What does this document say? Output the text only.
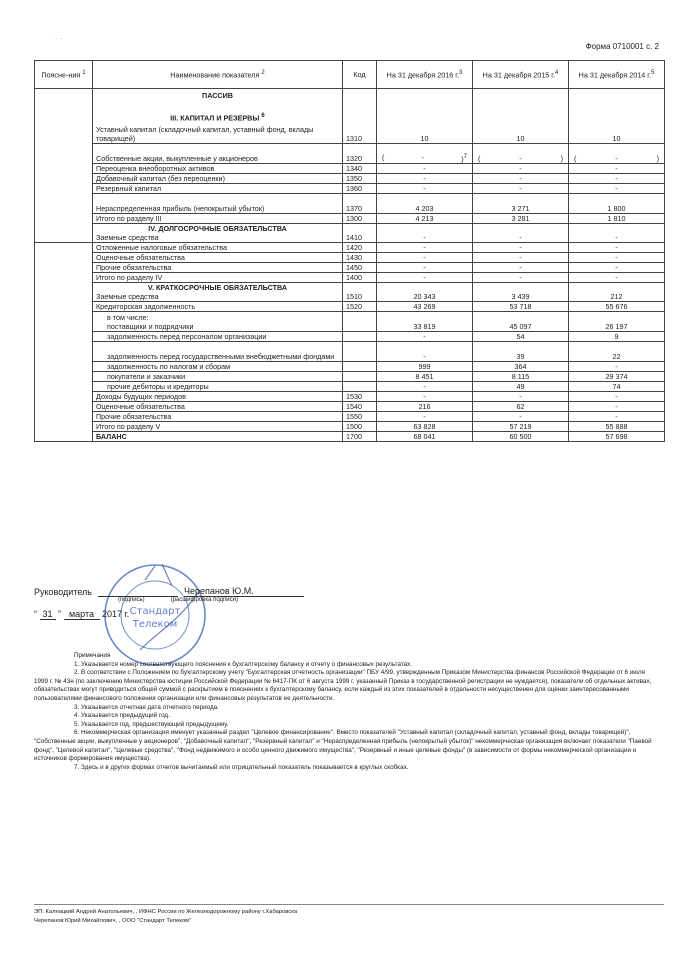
- -
Форма 0710001 с. 2
Поясне-ния $^1$	Наименование показателя $^2$	Код	На 31 декабря 2016 г.$^3$	На 31 декабря 2015 г.$^4$	На 31 декабря 2014 г.$^5$

	ПАССИВ
III. КАПИТАЛ И РЕЗЕРВЫ $^6$
Уставный капитал (складочный капитал, уставный фонд, вклады товарищей)	1310	10	10	10
	Собственные акции, выкупленные у акционеров	1320	( - )$^7$	( - )	( - )

	Переоценка внеоборотных активов	1340	-	-	-
	Добавочный капитал (без переоценки)	1350	-	-	-
	Резервный капитал	1360	-	-	-
	Нераспределенная прибыль (непокрытый убыток)	1370	4 203	3 271	1 800
	Итого по разделу III	1300	4 213	3 281	1 810

	IV. ДОЛГОСРОЧНЫЕ ОБЯЗАТЕЛЬСТВА
Заемные средства	1410	-	-	-
	Отложенные налоговые обязательства	1420	-	-	-
	Оценочные обязательства	1430	-	-	-
	Прочие обязательства	1450	-	-	-
	Итого по разделу IV	1400	-	-	-

	V. КРАТКОСРОЧНЫЕ ОБЯЗАТЕЛЬСТВА
Заемные средства	1510	20 343	3 439	212
	Кредиторская задолженность	1520	43 269	53 718	55 676

	в том числе:
поставщики и подрядчики		33 819	45 097	26 197
	задолженность перед персоналом организации		-	54	9
	задолженность перед государственными внебюджетными фондами		-	39	22
	задолженность по налогам и сборам		999	364	-
	покупатели и заказчики		8 451	8 115	29 374
	прочие дебиторы и кредиторы		-	49	74
	Доходы будущих периодов	1530	-	-	-
	Оценочные обязательства	1540	216	62	-
	Прочие обязательства	1550	-	-	-
	Итого по разделу V	1500	63 828	57 219	55 888
	БАЛАНС	1700	68 041	60 500	57 698
Стандарт
Телеком
Руководитель	Черепанов Ю.М.
(подпись)	(расшифровка подписи)
“ 31 ” марта 2017 г.

Примечания

1. Указывается номер соответствующего пояснения к бухгалтерскому балансу и отчету о финансовых результатах.

2. В соответствии с Положением по бухгалтерскому учету "Бухгалтерская отчетность организации" ПБУ 4/99, утвержденным Приказом Министерства финансов Российской Федерации от 6 июля 1999 г. № 43н (по заключению Министерства юстиции Российской Федерации № 6417-ПК от 6 августа 1999 г. указанный Приказ в государственной регистрации не нуждается), показатели об отдельных активах, обязательствах могут приводиться общей суммой с раскрытием в пояснениях к бухгалтерскому балансу, если каждый из этих показателей в отдельности несущественен для оценки заинтересованными пользователями финансового положения организации или финансовых результатов ее деятельности.

3. Указывается отчетная дата отчетного периода.

4. Указывается предыдущий год.

5. Указывается год, предшествующий предыдущему.

6. Некоммерческая организация именует указанный раздел "Целевое финансирование". Вместо показателей "Уставный капитал (складочный капитал, уставный фонд, вклады товарищей)", "Собственные акции, выкупленные у акционеров", "Добавочный капитал", "Резервный капитал" и "Нераспределенная прибыль (непокрытый убыток)" некоммерческая организация включает показатели "Паевой фонд", "Целевой капитал", "Целевые средства", "Фонд недвижимого и особо ценного движимого имущества", "Резервный и иные целевые фонды" (в зависимости от формы некоммерческой организации и источников формирования имущества).

7. Здесь и в других формах отчетов вычитаемый или отрицательный показатель показывается в круглых скобках.

ЭП: Калнацкий Андрей Анатольевич, , ИФНС России по Железнодорожному району г.Хабаровска
Черепанов Юрий Михайлович, , ООО "Стандарт Телеком"
